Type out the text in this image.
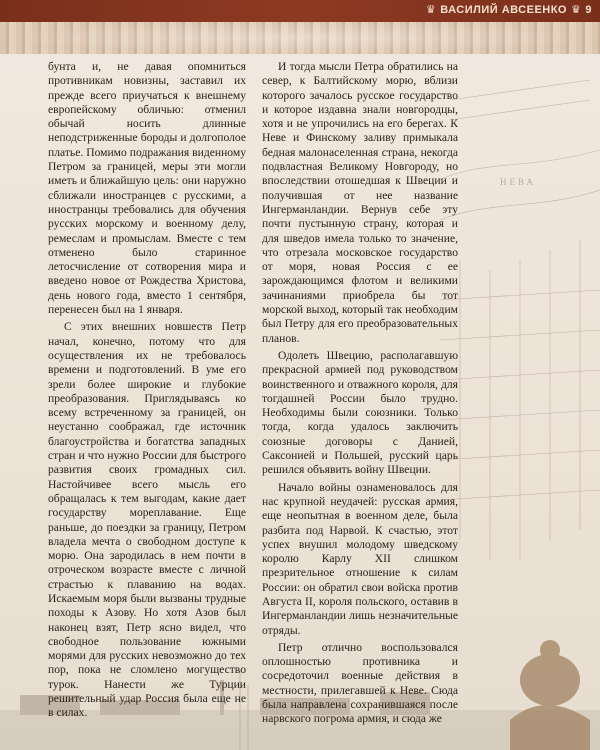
♛ ВАСИЛИЙ АВСЕЕНКО ♛ 9
НЕВА

бунта и, не давая опомниться противникам новизны, заставил их прежде всего приучаться к внешнему европейскому обличью: отменил обычай носить длинные неподстриженные бороды и долгополое платье. Помимо подражания виденному Петром за границей, меры эти могли иметь и ближайшую цель: они наружно сближали иностранцев с русскими, а иностранцы требовались для обучения русских морскому и военному делу, ремеслам и промыслам. Вместе с тем отменено было старинное летосчисление от сотворения мира и введено новое от Рождества Христова, день нового года, вместо 1 сентября, перенесен был на 1 января.

С этих внешних новшеств Петр начал, конечно, потому что для осуществления их не требовалось времени и подготовлений. В уме его зрели более широкие и глубокие преобразования. Приглядываясь ко всему встреченному за границей, он неустанно соображал, где источник благоустройства и богатства западных стран и что нужно России для быстрого развития своих громадных сил. Настойчивее всего мысль его обращалась к тем выгодам, какие дает государству мореплавание. Еще раньше, до поездки за границу, Петром владела мечта о свободном доступе к морю. Она зародилась в нем почти в отроческом возрасте вместе с личной страстью к плаванию на водах. Искаемым моря были вызваны трудные походы к Азову. Но хотя Азов был наконец взят, Петр ясно видел, что свободное пользование южными морями для русских невозможно до тех пор, пока не сломлено могущество турок. Нанести же Турции решительный удар Россия была еще не в силах.

И тогда мысли Петра обратились на север, к Балтийскому морю, вблизи которого зачалось русское государство и которое издавна знали новгородцы, хотя и не упрочились на его берегах. К Неве и Финскому заливу примыкала бедная малонаселенная страна, некогда подвластная Великому Новгороду, но впоследствии отошедшая к Швеции и получившая от нее название Ингерманландии. Вернув себе эту почти пустынную страну, которая и для шведов имела только то значение, что отрезала московское государство от моря, новая Россия с ее зарождающимся флотом и великими зачинаниями приобрела бы тот морской выход, который так необходим был Петру для его преобразовательных планов.

Одолеть Швецию, располагавшую прекрасной армией под руководством воинственного и отважного короля, для тогдашней России было трудно. Необходимы были союзники. Только тогда, когда удалось заключить союзные договоры с Данией, Саксонией и Польшей, русский царь решился объявить войну Швеции.

Начало войны ознаменовалось для нас крупной неудачей: русская армия, еще неопытная в военном деле, была разбита под Нарвой. К счастью, этот успех внушил молодому шведскому королю Карлу XII слишком презрительное отношение к силам России: он обратил свои войска против Августа II, короля польского, оставив в Ингерманландии лишь незначительные отряды.

Петр отлично воспользовался оплошностью противника и сосредоточил военные действия в местности, прилегавшей к Неве. Сюда была направлена сохранившаяся после нарвского погрома армия, и сюда же
